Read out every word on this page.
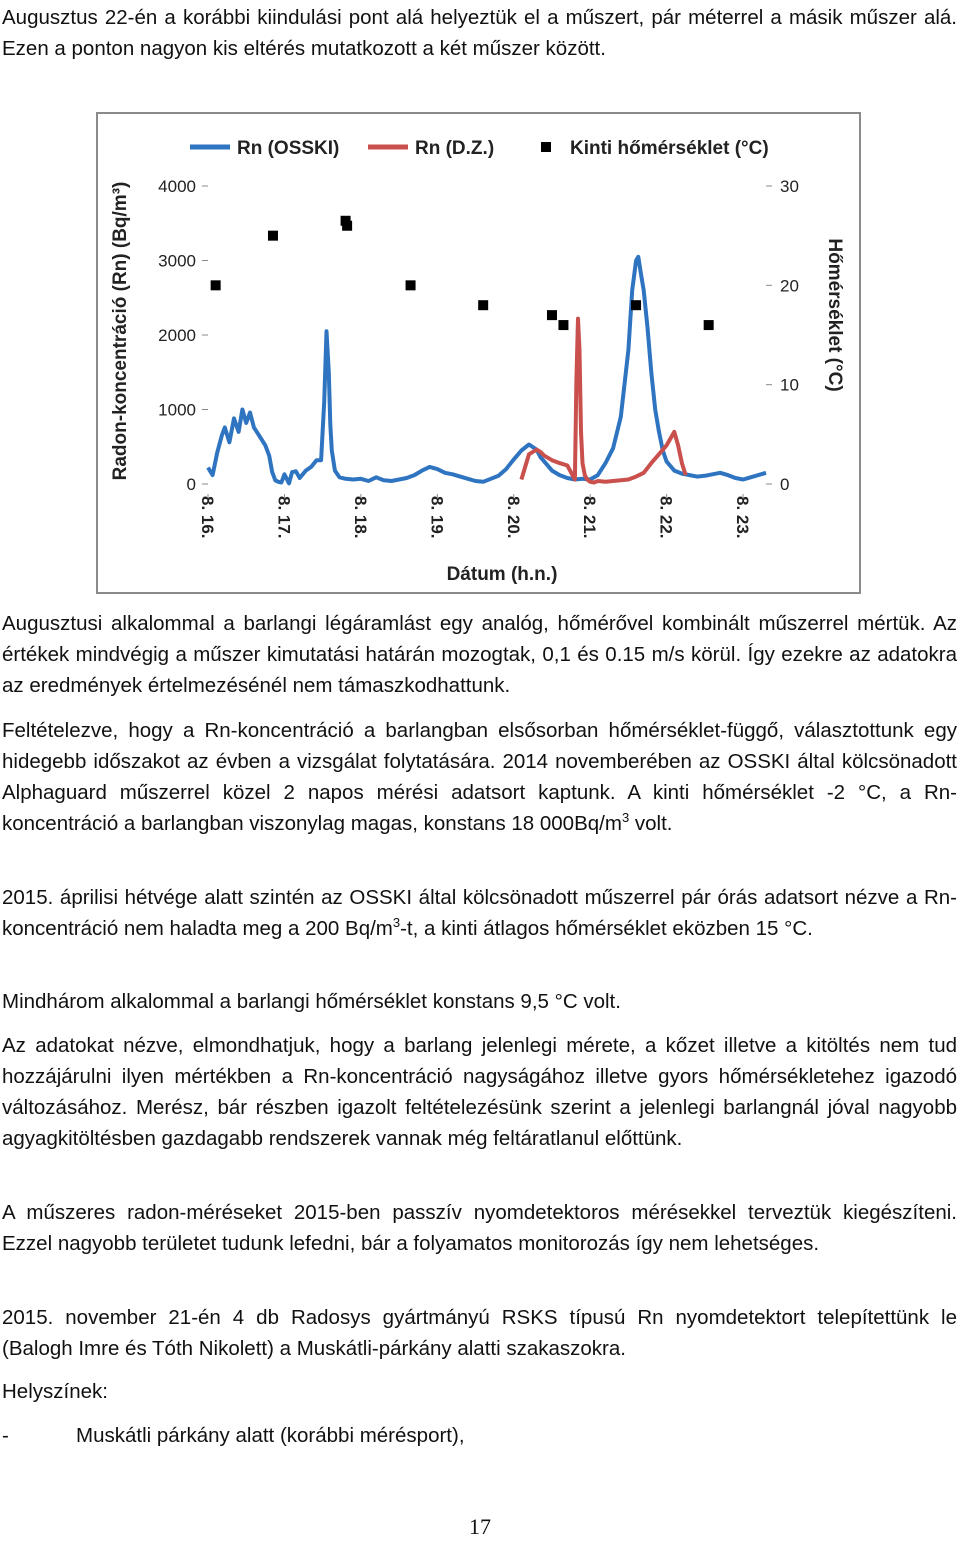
Augusztus 22-én a korábbi kiindulási pont alá helyeztük el a műszert, pár méterrel a másik műszer alá. Ezen a ponton nagyon kis eltérés mutatkozott a két műszer között.

Rn (OSSKI)	Rn (D.Z.)	Kinti hőmérséklet (°C)
0
1000
2000
3000
4000
0
10
20
30
8. 16.	8. 17.	8. 18.	8. 19.	8. 20.	8. 21.	8. 22.	8. 23.
Dátum (h.n.)
Radon-koncentráció (Rn) (Bq/m³)	Hőmérséklet (°C)

Augusztusi alkalommal a barlangi légáramlást egy analóg, hőmérővel kombinált műszerrel mértük. Az értékek mindvégig a műszer kimutatási határán mozogtak, 0,1 és 0.15 m/s körül. Így ezekre az adatokra az eredmények értelmezésénél nem támaszkodhattunk.

Feltételezve, hogy a Rn-koncentráció a barlangban elsősorban hőmérséklet-függő, választottunk egy hidegebb időszakot az évben a vizsgálat folytatására. 2014 novemberében az OSSKI által kölcsönadott Alphaguard műszerrel közel 2 napos mérési adatsort kaptunk. A kinti hőmérséklet -2 °C, a Rn-koncentráció a barlangban viszonylag magas, konstans 18 $000Bq/m^3$ volt.

2015. áprilisi hétvége alatt szintén az OSSKI által kölcsönadott műszerrel pár órás adatsort nézve a Rn-koncentráció nem haladta meg a 200 $Bq/m^3-t$, a kinti átlagos hőmérséklet eközben 15 °C.

Mindhárom alkalommal a barlangi hőmérséklet konstans 9,5 °C volt.

Az adatokat nézve, elmondhatjuk, hogy a barlang jelenlegi mérete, a kőzet illetve a kitöltés nem tud hozzájárulni ilyen mértékben a Rn-koncentráció nagyságához illetve gyors hőmérsékletehez igazodó változásához. Merész, bár részben igazolt feltételezésünk szerint a jelenlegi barlangnál jóval nagyobb agyagkitöltésben gazdagabb rendszerek vannak még feltáratlanul előttünk.

A műszeres radon-méréseket 2015-ben passzív nyomdetektoros mérésekkel terveztük kiegészíteni. Ezzel nagyobb területet tudunk lefedni, bár a folyamatos monitorozás így nem lehetséges.

2015. november 21-én 4 db Radosys gyártmányú RSKS típusú Rn nyomdetektort telepítettünk le (Balogh Imre és Tóth Nikolett) a Muskátli-párkány alatti szakaszokra.

Helyszínek:

-	Muskátli párkány alatt (korábbi mérésport),
17
